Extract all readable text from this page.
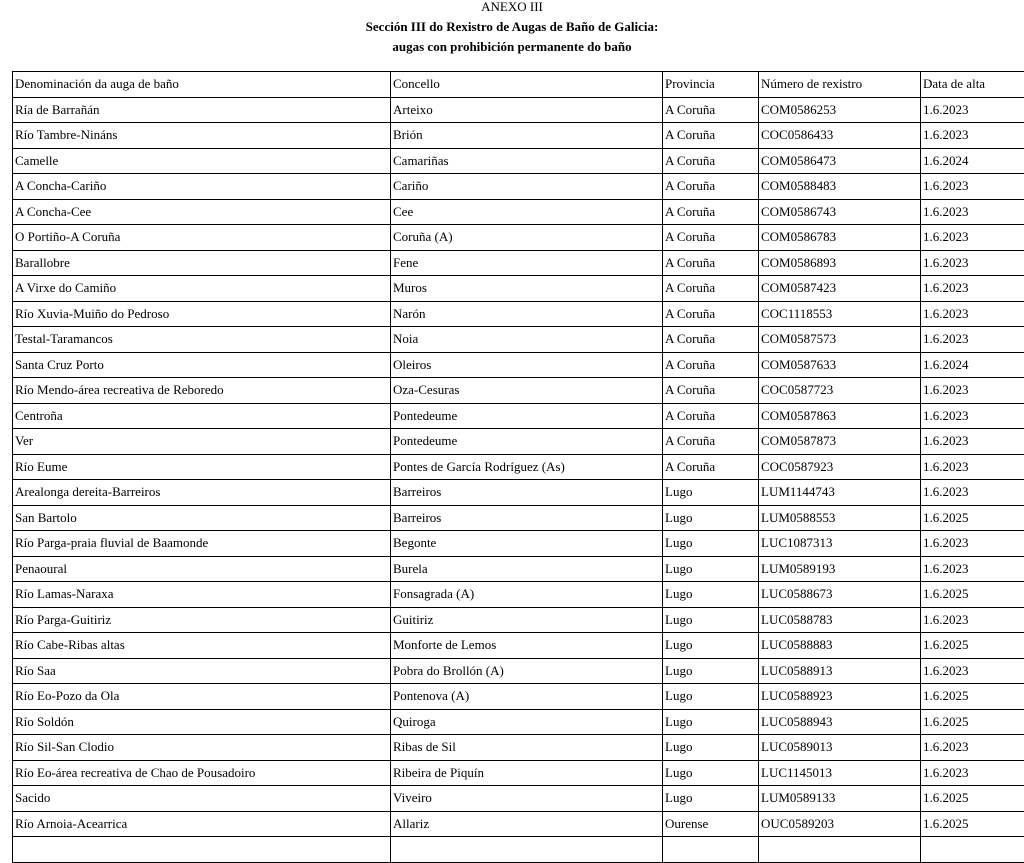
ANEXO III
Sección III do Rexistro de Augas de Baño de Galicia:
augas con prohibición permanente do baño
Denominación da auga de baño	Concello	Provincia	Número de rexistro	Data de alta
Ría de Barrañán	Arteixo	A Coruña	COM0586253	1.6.2023
Río Tambre-Nináns	Brión	A Coruña	COC0586433	1.6.2023
Camelle	Camariñas	A Coruña	COM0586473	1.6.2024
A Concha-Cariño	Cariño	A Coruña	COM0588483	1.6.2023
A Concha-Cee	Cee	A Coruña	COM0586743	1.6.2023
O Portiño-A Coruña	Coruña (A)	A Coruña	COM0586783	1.6.2023
Barallobre	Fene	A Coruña	COM0586893	1.6.2023
A Virxe do Camiño	Muros	A Coruña	COM0587423	1.6.2023
Río Xuvia-Muiño do Pedroso	Narón	A Coruña	COC1118553	1.6.2023
Testal-Taramancos	Noia	A Coruña	COM0587573	1.6.2023
Santa Cruz Porto	Oleiros	A Coruña	COM0587633	1.6.2024
Río Mendo-área recreativa de Reboredo	Oza-Cesuras	A Coruña	COC0587723	1.6.2023
Centroña	Pontedeume	A Coruña	COM0587863	1.6.2023
Ver	Pontedeume	A Coruña	COM0587873	1.6.2023
Río Eume	Pontes de García Rodríguez (As)	A Coruña	COC0587923	1.6.2023
Arealonga dereita-Barreiros	Barreiros	Lugo	LUM1144743	1.6.2023
San Bartolo	Barreiros	Lugo	LUM0588553	1.6.2025
Río Parga-praia fluvial de Baamonde	Begonte	Lugo	LUC1087313	1.6.2023
Penaoural	Burela	Lugo	LUM0589193	1.6.2023
Río Lamas-Naraxa	Fonsagrada (A)	Lugo	LUC0588673	1.6.2025
Río Parga-Guitiriz	Guitiriz	Lugo	LUC0588783	1.6.2023
Río Cabe-Ribas altas	Monforte de Lemos	Lugo	LUC0588883	1.6.2025
Río Saa	Pobra do Brollón (A)	Lugo	LUC0588913	1.6.2023
Río Eo-Pozo da Ola	Pontenova (A)	Lugo	LUC0588923	1.6.2025
Río Soldón	Quiroga	Lugo	LUC0588943	1.6.2025
Río Sil-San Clodio	Ribas de Sil	Lugo	LUC0589013	1.6.2023
Río Eo-área recreativa de Chao de Pousadoiro	Ribeira de Piquín	Lugo	LUC1145013	1.6.2023
Sacido	Viveiro	Lugo	LUM0589133	1.6.2025
Río Arnoia-Acearrica	Allariz	Ourense	OUC0589203	1.6.2025
